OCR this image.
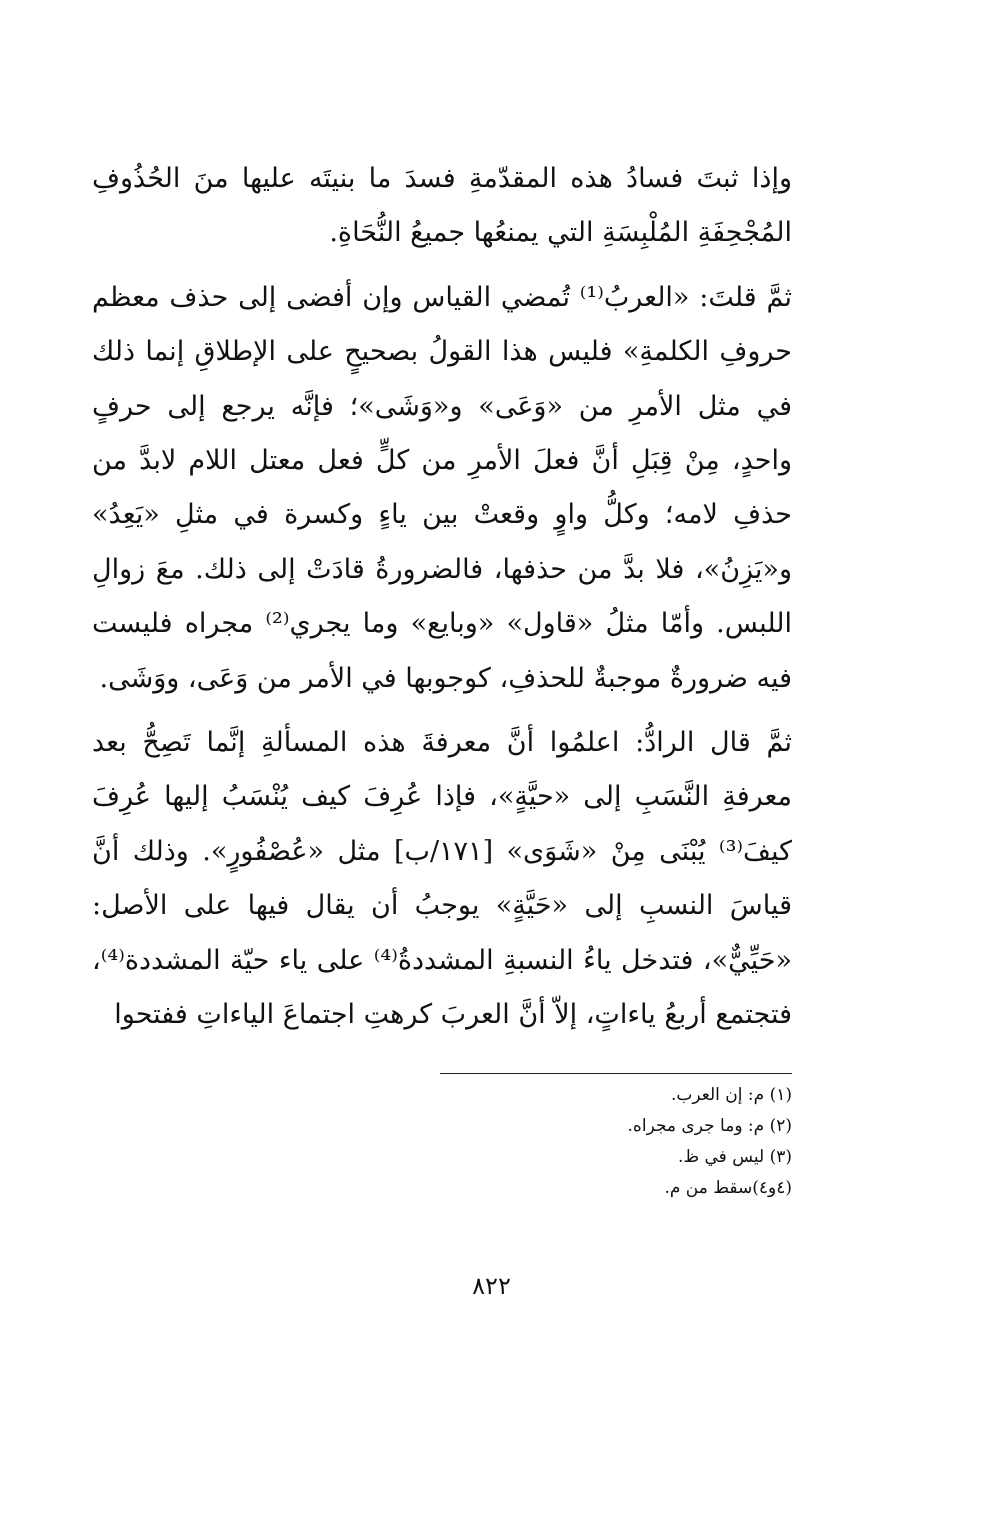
وإذا ثبتَ فسادُ هذه المقدّمةِ فسدَ ما بنيتَه عليها منَ الحُذُوفِ المُجْحِفَةِ المُلْبِسَةِ التي يمنعُها جميعُ النُّحَاةِ.

ثمَّ قلتَ: «العربُ⁽¹⁾ تُمضي القياس وإن أفضى إلى حذف معظم حروفِ الكلمةِ» فليس هذا القولُ بصحيحٍ على الإطلاقِ إنما ذلك في مثل الأمرِ من «وَعَى» و«وَشَى»؛ فإنَّه يرجع إلى حرفٍ واحدٍ، مِنْ قِبَلِ أنَّ فعلَ الأمرِ من كلٍّ فعل معتل اللام لابدَّ من حذفِ لامه؛ وكلُّ واوٍ وقعتْ بين ياءٍ وكسرة في مثلِ «يَعِدُ» و«يَزِنُ»، فلا بدَّ من حذفها، فالضرورةُ قادَتْ إلى ذلك. معَ زوالِ اللبس. وأمّا مثلُ «قاول» «وبايع» وما يجري⁽²⁾ مجراه فليست فيه ضرورةٌ موجبةٌ للحذفِ، كوجوبها في الأمر من وَعَى، ووَشَى.

ثمَّ قال الرادُّ: اعلمُوا أنَّ معرفةَ هذه المسألةِ إنَّما تَصِحُّ بعد معرفةِ النَّسَبِ إلى «حيَّةٍ»، فإذا عُرِفَ كيف يُنْسَبُ إليها عُرِفَ كيفَ⁽³⁾ يُبْنَى مِنْ «شَوَى» [١٧١/ب] مثل «عُصْفُورٍ». وذلك أنَّ قياسَ النسبِ إلى «حَيَّةٍ» يوجبُ أن يقال فيها على الأصل: «حَيِّيٌّ»، فتدخل ياءُ النسبةِ المشددةُ⁽⁴⁾ على ياء حيّة المشددة⁽⁴⁾، فتجتمع أربعُ ياءاتٍ، إلاّ أنَّ العربَ كرهتِ اجتماعَ الياءاتِ ففتحوا

(١) م: إن العرب.
(٢) م: وما جرى مجراه.
(٣) ليس في ظ.
(٤و٤)سقط من م.
٨٢٢
